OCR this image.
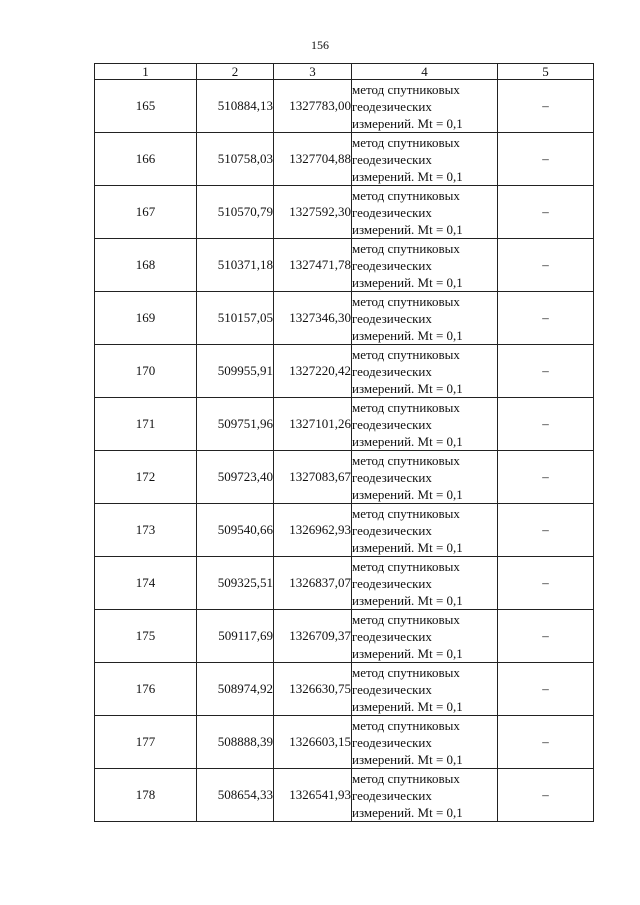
156
1	2	3	4	5
165	510884,13	1327783,00	метод спутниковых
геодезических
измерений. Mt = 0,1	–
166	510758,03	1327704,88	метод спутниковых
геодезических
измерений. Mt = 0,1	–
167	510570,79	1327592,30	метод спутниковых
геодезических
измерений. Mt = 0,1	–
168	510371,18	1327471,78	метод спутниковых
геодезических
измерений. Mt = 0,1	–
169	510157,05	1327346,30	метод спутниковых
геодезических
измерений. Mt = 0,1	–
170	509955,91	1327220,42	метод спутниковых
геодезических
измерений. Mt = 0,1	–
171	509751,96	1327101,26	метод спутниковых
геодезических
измерений. Mt = 0,1	–
172	509723,40	1327083,67	метод спутниковых
геодезических
измерений. Mt = 0,1	–
173	509540,66	1326962,93	метод спутниковых
геодезических
измерений. Mt = 0,1	–
174	509325,51	1326837,07	метод спутниковых
геодезических
измерений. Mt = 0,1	–
175	509117,69	1326709,37	метод спутниковых
геодезических
измерений. Mt = 0,1	–
176	508974,92	1326630,75	метод спутниковых
геодезических
измерений. Mt = 0,1	–
177	508888,39	1326603,15	метод спутниковых
геодезических
измерений. Mt = 0,1	–
178	508654,33	1326541,93	метод спутниковых
геодезических
измерений. Mt = 0,1	–
